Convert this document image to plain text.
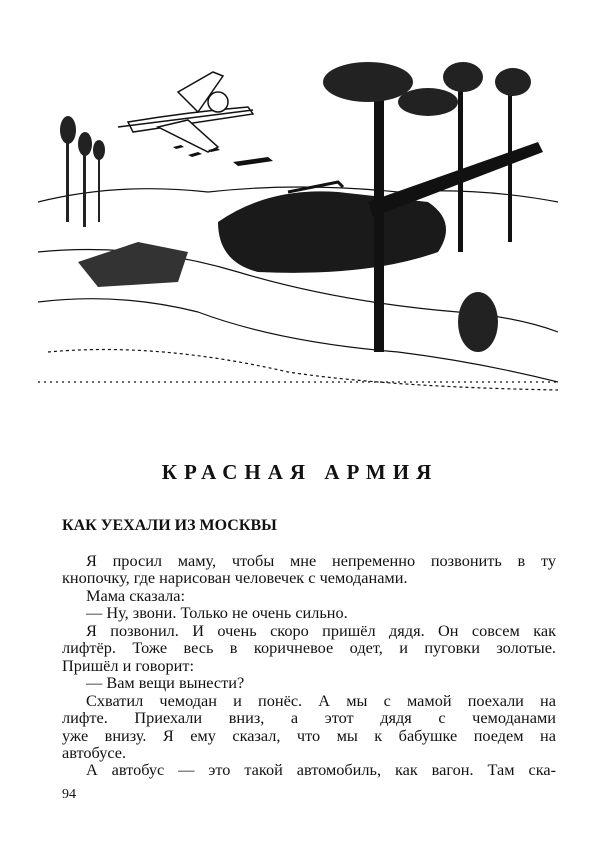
КРАСНАЯ АРМИЯ
КАК УЕХАЛИ ИЗ МОСКВЫ
Я просил маму, чтобы мне непременно позвонить в ту
кнопочку, где нарисован человечек с чемоданами.
Мама сказала:
— Ну, звони. Только не очень сильно.
Я позвонил. И очень скоро пришёл дядя. Он совсем как
лифтёр. Тоже весь в коричневое одет, и пуговки золотые.
Пришёл и говорит:
— Вам вещи вынести?
Схватил чемодан и понёс. А мы с мамой поехали на
лифте. Приехали вниз, а этот дядя с чемоданами
уже внизу. Я ему сказал, что мы к бабушке поедем на
автобусе.
А автобус — это такой автомобиль, как вагон. Там ска-
94
